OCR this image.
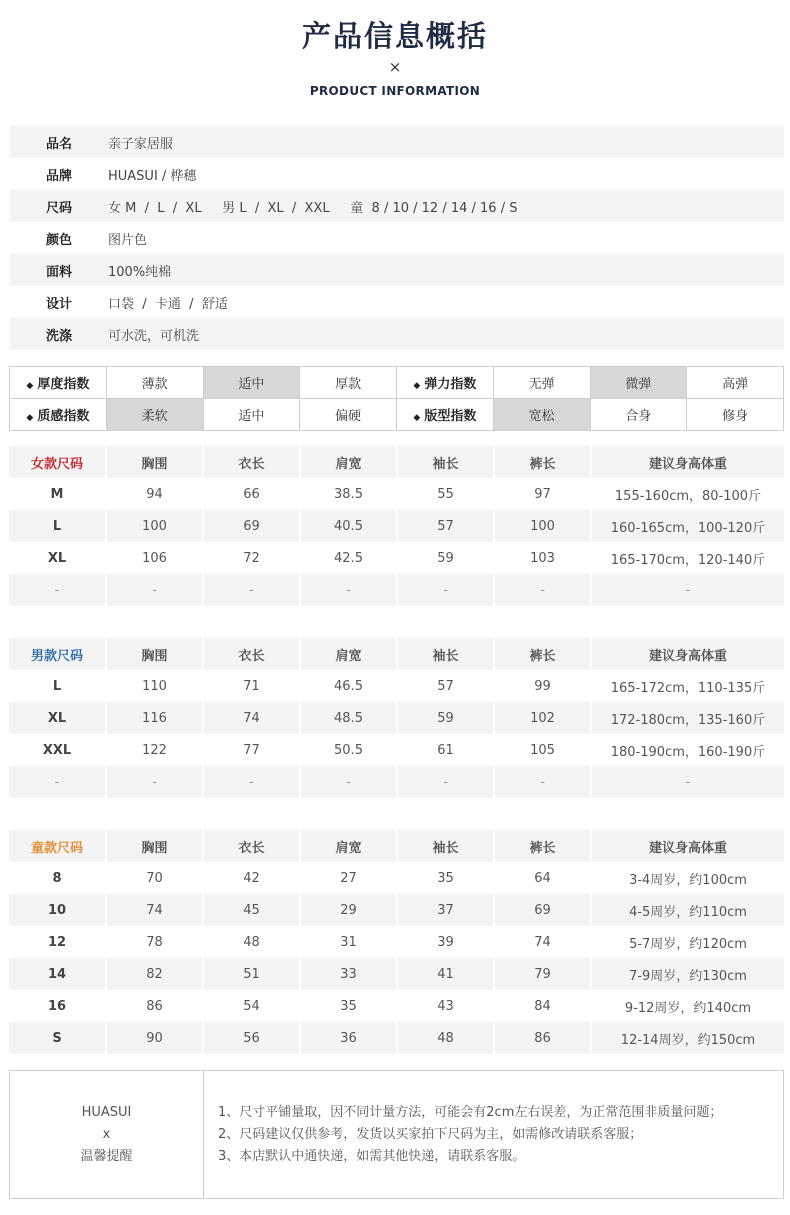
产品信息概括
×
PRODUCT INFORMATION
品名	亲子家居服
品牌	HUASUI / 桦穗
尺码	女 M  /  L  /  XL     男 L  /  XL  /  XXL     童  8 / 10 / 12 / 14 / 16 / S
颜色	图片色
面料	100%纯棉
设计	口袋  /  卡通  /  舒适
洗涤	可水洗，可机洗
◆ 厚度指数	薄款	适中	厚款	◆ 弹力指数	无弹	微弹	高弹
◆ 质感指数	柔软	适中	偏硬	◆ 版型指数	宽松	合身	修身
女款尺码	胸围	衣长	肩宽	袖长	裤长	建议身高体重
M	94	66	38.5	55	97	155-160cm，80-100斤
L	100	69	40.5	57	100	160-165cm，100-120斤
XL	106	72	42.5	59	103	165-170cm，120-140斤
-	-	-	-	-	-	-
男款尺码	胸围	衣长	肩宽	袖长	裤长	建议身高体重
L	110	71	46.5	57	99	165-172cm，110-135斤
XL	116	74	48.5	59	102	172-180cm，135-160斤
XXL	122	77	50.5	61	105	180-190cm，160-190斤
-	-	-	-	-	-	-
童款尺码	胸围	衣长	肩宽	袖长	裤长	建议身高体重
8	70	42	27	35	64	3-4周岁，约100cm
10	74	45	29	37	69	4-5周岁，约110cm
12	78	48	31	39	74	5-7周岁，约120cm
14	82	51	33	41	79	7-9周岁，约130cm
16	86	54	35	43	84	9-12周岁，约140cm
S	90	56	36	48	86	12-14周岁，约150cm
HUASUI
x
温馨提醒
1、尺寸平铺量取，因不同计量方法，可能会有2cm左右误差，为正常范围非质量问题；
2、尺码建议仅供参考，发货以买家拍下尺码为主，如需修改请联系客服；
3、本店默认中通快递，如需其他快递，请联系客服。
